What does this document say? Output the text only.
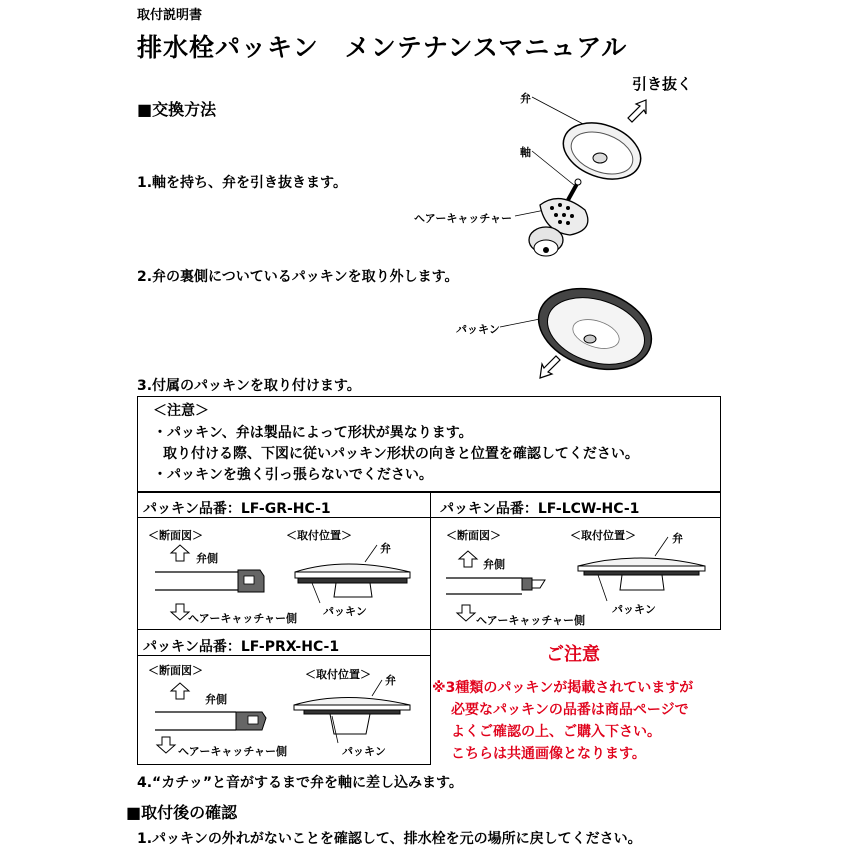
取付説明書
排水栓パッキン　メンテナンスマニュアル
■交換方法
1.軸を持ち、弁を引き抜きます。
2.弁の裏側についているパッキンを取り外します。
3.付属のパッキンを取り付けます。
弁
引き抜く
軸
ヘアーキャッチャー
パッキン
＜注意＞
・パッキン、弁は製品によって形状が異なります。
取り付ける際、下図に従いパッキン形状の向きと位置を確認してください。
・パッキンを強く引っ張らないでください。
パッキン品番：LF-GR-HC-1
＜断面図＞	＜取付位置＞
弁側
ヘアーキャッチャー側
弁
パッキン
パッキン品番：LF-LCW-HC-1
＜断面図＞	＜取付位置＞
弁側
ヘアーキャッチャー側
弁
パッキン
パッキン品番：LF-PRX-HC-1
＜断面図＞	＜取付位置＞
弁側
ヘアーキャッチャー側
弁
パッキン
ご注意
※3種類のパッキンが掲載されていますが
必要なパッキンの品番は商品ページで
よくご確認の上、ご購入下さい。
こちらは共通画像となります。
4.“カチッ”と音がするまで弁を軸に差し込みます。
■取付後の確認
1.パッキンの外れがないことを確認して、排水栓を元の場所に戻してください。
